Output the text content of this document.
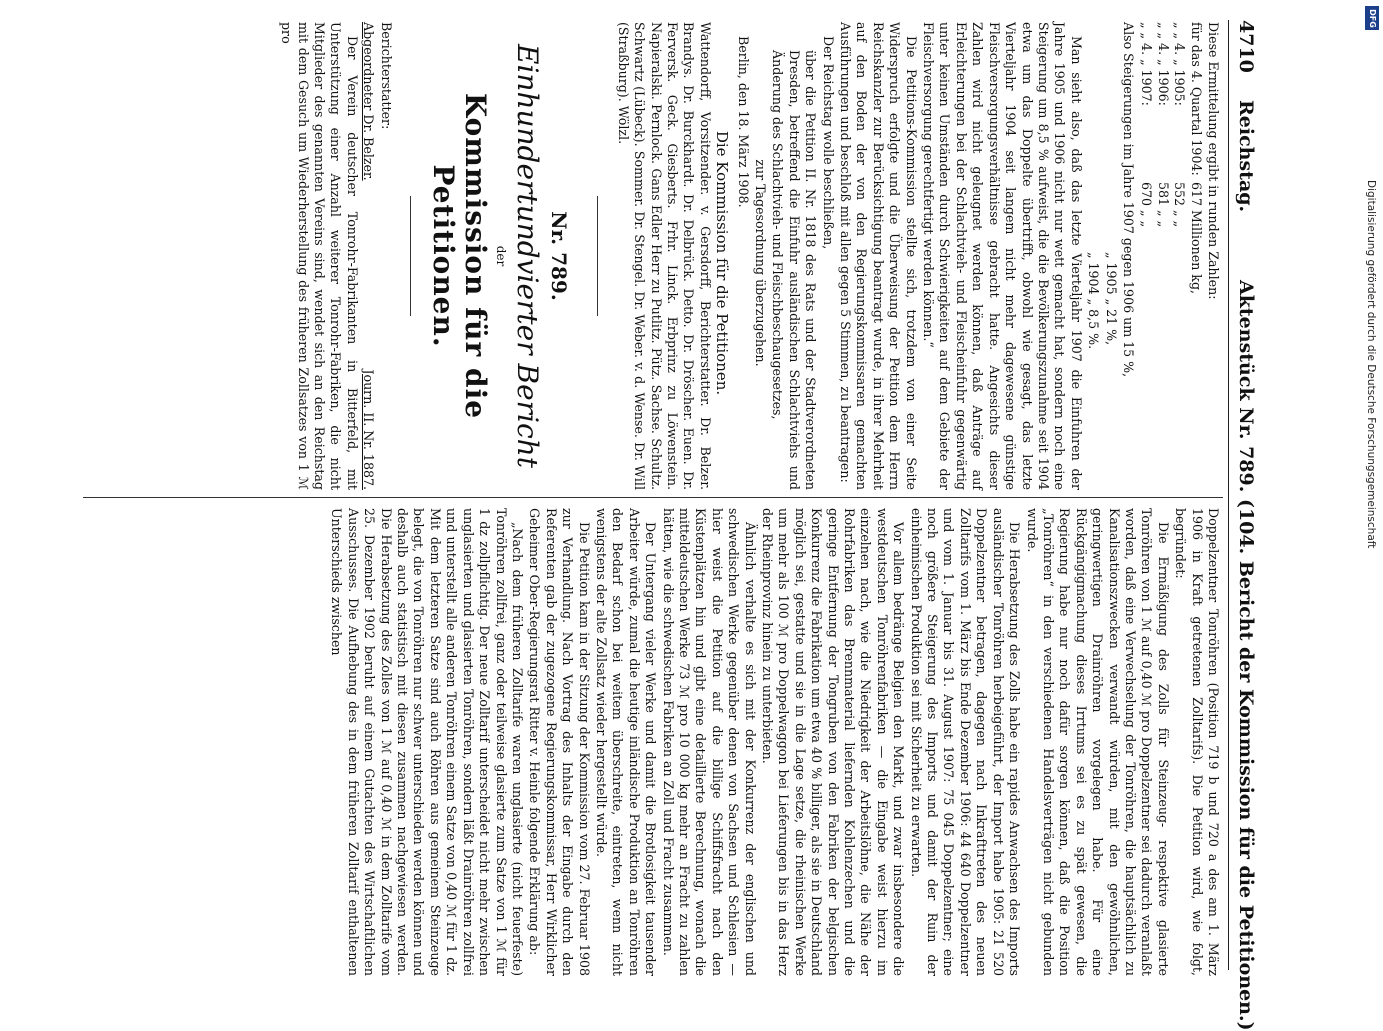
4710
Reichstag.
Aktenstück Nr. 789. (104. Bericht der Kommission für die Petitionen.)

Diese Ermittelung ergibt in runden Zahlen:

für das 4. Quartal 1904:
617 Millionen kg,
„ „ 4. „ 1905:
552 „ „
„ „ 4. „ 1906:
581 „ „
„ „ 4. „ 1907:
670 „ „

Also Steigerungen im Jahre 1907 gegen 1906 um 15 %,

„ 1905 „ 21 %,

„ 1904 „ 8,5 %.

Man sieht also, daß das letzte Vierteljahr 1907 die Einfuhren der Jahre 1905 und 1906 nicht nur wett gemacht hat, sondern noch eine Steigerung um 8,5 % aufweist, die die Bevölkerungszunahme seit 1904 etwa um das Doppelte übertrifft, obwohl wie gesagt, das letzte Vierteljahr 1904 seit langem nicht mehr dagewesene günstige Fleischversorgungsverhältnisse gebracht hatte. Angesichts dieser Zahlen wird nicht geleugnet werden können, daß Anträge auf Erleichterungen bei der Schlachtvieh- und Fleischeinfuhr gegenwärtig unter keinen Umständen durch Schwierigkeiten auf dem Gebiete der Fleischversorgung gerechtfertigt werden können.“

Die Petitions-Kommission stellte sich, trotzdem von einer Seite Widerspruch erfolgte und die Überweisung der Petition dem Herrn Reichskanzler zur Berücksichtigung beantragt wurde, in ihrer Mehrheit auf den Boden der von den Regierungskommissaren gemachten Ausführungen und beschloß mit allen gegen 5 Stimmen, zu beantragen:

Der Reichstag wolle beschließen,

über die Petition II. Nr. 1818 des Rats und der Stadtverordneten Dresden, betreffend die Einfuhr ausländischen Schlachtviehs und Änderung des Schlachtvieh- und Fleischbeschaugesetzes,

zur Tagesordnung überzugehen.

Berlin, den 18. März 1908.

Die Kommission für die Petitionen.

Wattendorff, Vorsitzender. v. Gersdorff, Berichterstatter. Dr. Belzer. Brandys. Dr. Burckhardt. Dr. Delbrück. Detto. Dr. Dröscher. Euen. Dr. Ferversk. Geck. Giesberts. Frhr. Linck. Erbprinz zu Löwenstein. Napieralski. Pernlock. Gans Edler Herr zu Putlitz. Pütz. Sachse. Schultz. Schwartz (Lübeck). Sommer. Dr. Stengel. Dr. Weber. v. d. Wense. Dr. Will (Straßburg). Wölzl.

Nr. 789.
Einhundertundvierter Bericht
der
Kommission für die Petitionen.

Berichterstatter:

Abgeordneter Dr. Belzer.
Journ. II. Nr. 1887.

Der Verein deutscher Tonrohr-Fabrikanten in Bitterfeld, mit Unterstützung einer Anzahl weiterer Tonrohr-Fabriken, die nicht Mitglieder des genannten Vereins sind, wendet sich an den Reichstag mit dem Gesuch um Wiederherstellung des früheren Zollsatzes von 1 ℳ pro

Doppelzentner Tonröhren (Position 719 b und 720 a des am 1. März 1906 in Kraft getretenen Zolltarifs). Die Petition wird, wie folgt, begründet:

Die Ermäßigung des Zolls für Steinzeug- respektive glasierte Tonröhren von 1 ℳ auf 0,40 ℳ pro Doppelzentner sei dadurch veranlaßt worden, daß eine Verwechselung der Tonröhren, die hauptsächlich zu Kanalisationszwecken verwandt würden, mit den gewöhnlichen, geringwertigen Drainröhren vorgelegen habe. Für eine Rückgängigmachung dieses Irrtums sei es zu spät gewesen, die Regierung habe nur noch dafür sorgen können, daß die Position „Tonröhren“ in den verschiedenen Handelsverträgen nicht gebunden wurde.

Die Herabsetzung des Zolls habe ein rapides Anwachsen des Imports ausländischer Tonröhren herbeigeführt, der Import habe 1905: 21 520 Doppelzentner betragen, dagegen nach Inkrafttreten des neuen Zolltarifs vom 1. März bis Ende Dezember 1906: 44 640 Doppelzentner und vom 1. Januar bis 31. August 1907: 75 045 Doppelzentner; eine noch größere Steigerung des Imports und damit der Ruin der einheimischen Produktion sei mit Sicherheit zu erwarten.

Vor allem bedränge Belgien den Markt, und zwar insbesondere die westdeutschen Tonröhrenfabriken — die Eingabe weist hierzu im einzelnen nach, wie die Niedrigkeit der Arbeitslöhne, die Nähe der Rohrfabriken das Brennmaterial liefernden Kohlenzechen und die geringe Entfernung der Tongruben von den Fabriken der belgischen Konkurrenz die Fabrikation um etwa 40 % billiger, als sie in Deutschland möglich sei, gestatte und sie in die Lage setze, die rheinischen Werke um mehr als 100 ℳ pro Doppelwaggon bei Lieferungen bis in das Herz der Rheinprovinz hinein zu unterbieten.

Ähnlich verhalte es sich mit der Konkurrenz der englischen und schwedischen Werke gegenüber denen von Sachsen und Schlesien — hier weist die Petition auf die billige Schiffsfracht nach den Küstenplätzen hin und gibt eine detaillierte Berechnung, wonach die mitteldeutschen Werke 73 ℳ pro 10 000 kg mehr an Fracht zu zahlen hätten, wie die schwedischen Fabriken an Zoll und Fracht zusammen.

Der Untergang vieler Werke und damit die Brotlosigkeit tausender Arbeiter würde, zumal die heutige inländische Produktion an Tonröhren den Bedarf schon bei weitem überschreite, eintreten, wenn nicht wenigstens der alte Zollsatz wieder hergestellt würde.

Die Petition kam in der Sitzung der Kommission vom 27. Februar 1908 zur Verhandlung. Nach Vortrag des Inhalts der Eingabe durch den Referenten gab der zugezogene Regierungskommissar, Herr Wirklicher Geheimer Ober-Regierungsrat Ritter v. Heinle folgende Erklärung ab:

„Nach dem früheren Zolltarife waren unglasierte (nicht feuerfeste) Tonröhren zollfrei, ganz oder teilweise glasierte zum Satze von 1 ℳ für 1 dz zollpflichtig. Der neue Zolltarif unterscheidet nicht mehr zwischen unglasierten und glasierten Tonröhren, sondern läßt Drainröhren zollfrei und unterstellt alle anderen Tonröhren einem Satze von 0,40 ℳ für 1 dz. Mit dem letzteren Satze sind auch Röhren aus gemeinem Steinzeuge belegt, die von Tonröhren nur schwer unterschieden werden können und deshalb auch statistisch mit diesen zusammen nachgewiesen werden. Die Herabsetzung des Zolles von 1 ℳ auf 0,40 ℳ in dem Zolltarife vom 25. Dezember 1902 beruht auf einem Gutachten des Wirtschaftlichen Ausschusses. Die Aufhebung des in dem früheren Zolltarif enthaltenen Unterschieds zwischen

DFG
Digitalisierung gefördert durch die Deutsche Forschungsgemeinschaft
